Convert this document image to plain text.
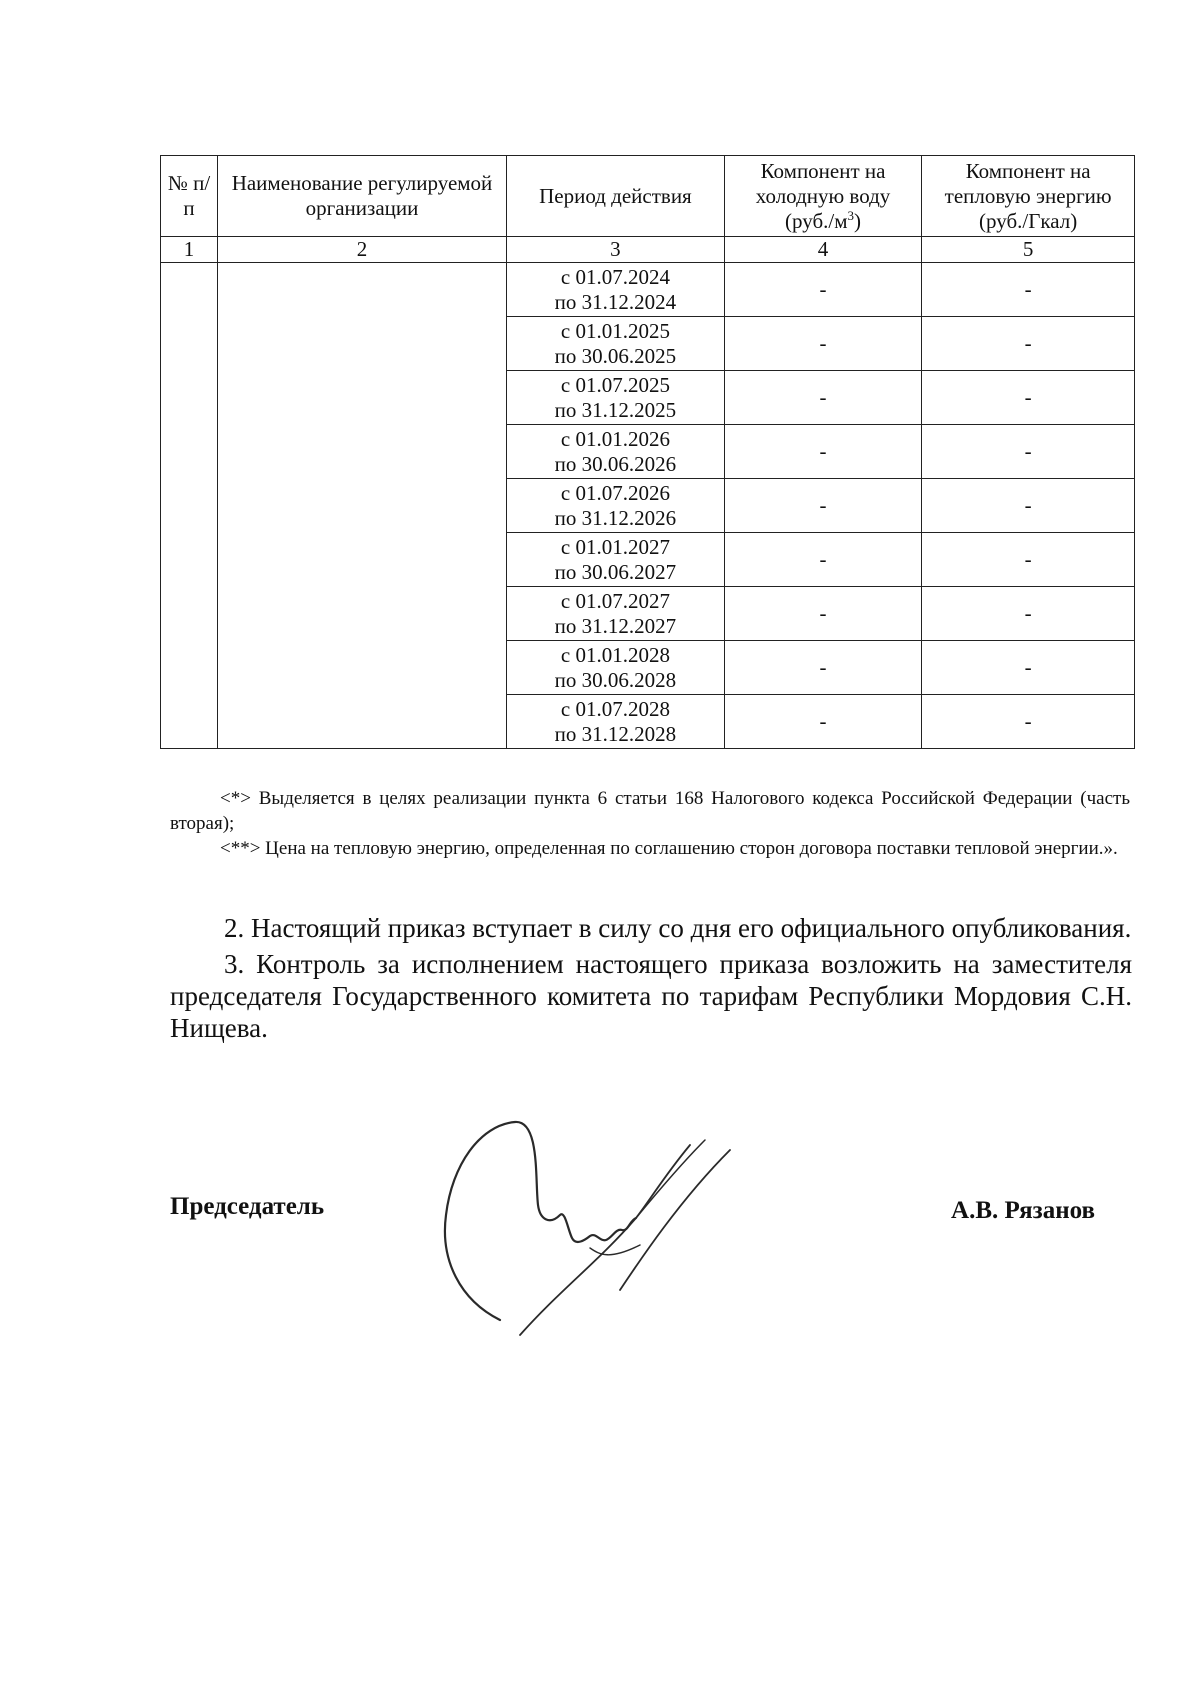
№ п/п	Наименование регулируемой организации	Период действия	Компонент на холодную воду $(руб./м^3)$	Компонент на тепловую энергию (руб./Гкал)
1	2	3	4	5

		с 01.07.2024
по 31.12.2024	-	-

		с 01.01.2025
по 30.06.2025	-	-

		с 01.07.2025
по 31.12.2025	-	-

		с 01.01.2026
по 30.06.2026	-	-

		с 01.07.2026
по 31.12.2026	-	-

		с 01.01.2027
по 30.06.2027	-	-

		с 01.07.2027
по 31.12.2027	-	-

		с 01.01.2028
по 30.06.2028	-	-

		с 01.07.2028
по 31.12.2028	-	-

<*> Выделяется в целях реализации пункта 6 статьи 168 Налогового кодекса Российской Федерации (часть вторая);

<**> Цена на тепловую энергию, определенная по соглашению сторон договора поставки тепловой энергии.».

2. Настоящий приказ вступает в силу со дня его официального опубликования.

3. Контроль за исполнением настоящего приказа возложить на заместителя председателя Государственного комитета по тарифам Республики Мордовия С.Н. Нищева.

Председатель	А.В. Рязанов
